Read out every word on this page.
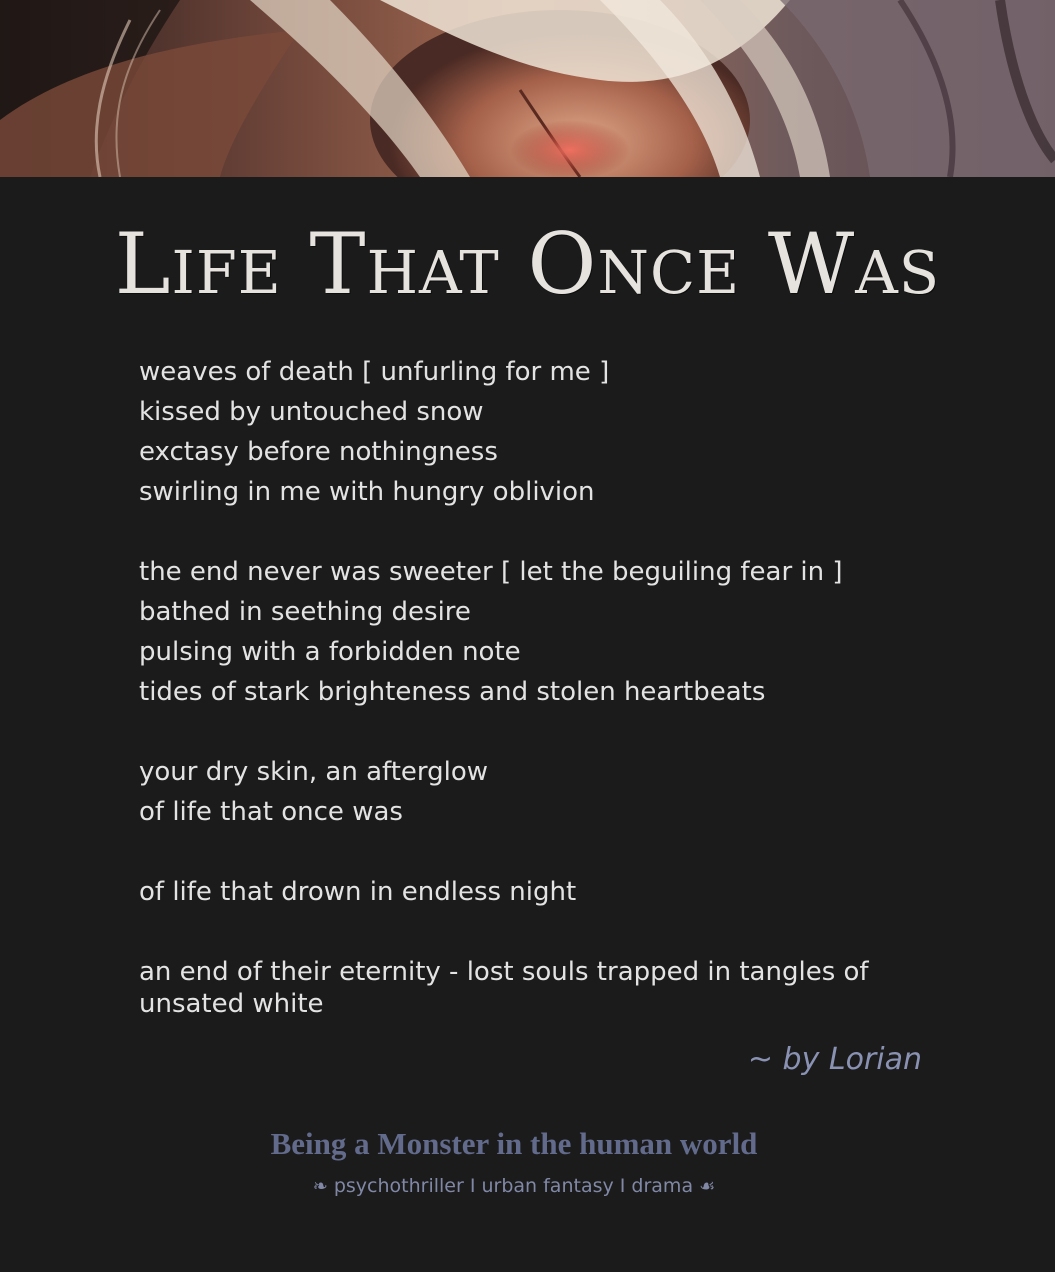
Life That Once Was
weaves of death [ unfurling for me ]
kissed by untouched snow
exctasy before nothingness
swirling in me with hungry oblivion
the end never was sweeter [ let the beguiling fear in ]
bathed in seething desire
pulsing with a forbidden note
tides of stark brighteness and stolen heartbeats
your dry skin, an afterglow
of life that once was
of life that drown in endless night
an end of their eternity - lost souls trapped in tangles of unsated white
~ by Lorian
Being a Monster in the human world
❧ psychothriller I urban fantasy I drama ☙
